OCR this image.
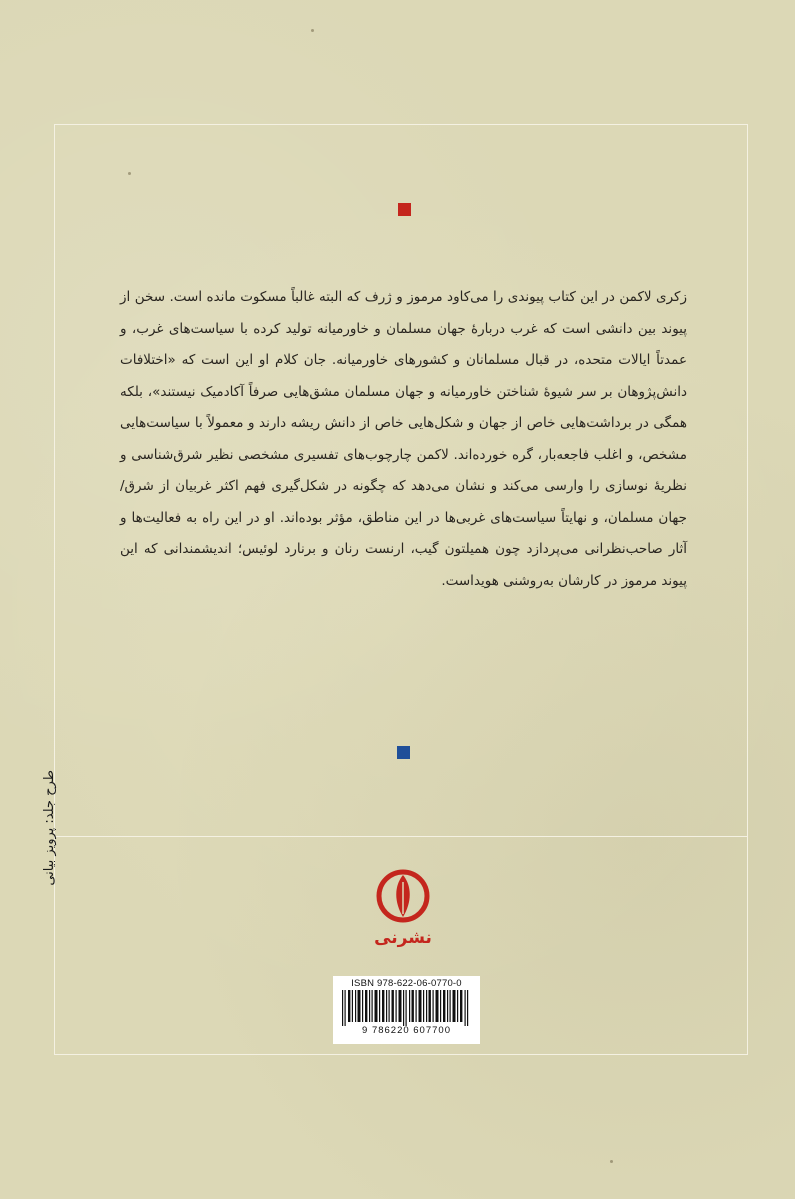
زکری لاکمن در این کتاب پیوندی را می‌کاود مرموز و ژرف که البته غالباً مسکوت مانده است. سخن از پیوند بین دانشی است که غرب دربارهٔ جهان مسلمان و خاورمیانه تولید کرده با سیاست‌های غرب، و عمدتاً ایالات متحده، در قبال مسلمانان و کشورهای خاورمیانه. جان کلام او این است که «اختلافات دانش‌پژوهان بر سر شیوهٔ شناختن خاورمیانه و جهان مسلمان مشق‌هایی صرفاً آکادمیک نیستند»، بلکه همگی در برداشت‌هایی خاص از جهان و شکل‌هایی خاص از دانش ریشه دارند و معمولاً با سیاست‌هایی مشخص، و اغلب فاجعه‌بار، گره خورده‌اند. لاکمن چارچوب‌های تفسیری مشخصی نظیر شرق‌شناسی و نظریهٔ نوسازی را وارسی می‌کند و نشان می‌دهد که چگونه در شکل‌گیری فهم اکثر غربیان از شرق/جهان مسلمان، و نهایتاً سیاست‌های غربی‌ها در این مناطق، مؤثر بوده‌اند. او در این راه به فعالیت‌ها و آثار صاحب‌نظرانی می‌پردازد چون همیلتون گیب، ارنست رنان و برنارد لوئیس؛ اندیشمندانی که این پیوند مرموز در کارشان به‌روشنی هویداست.

نشرنی
ISBN 978-622-06-0770-0
9 786220 607700
طرح جلد: پرویز بیانی
